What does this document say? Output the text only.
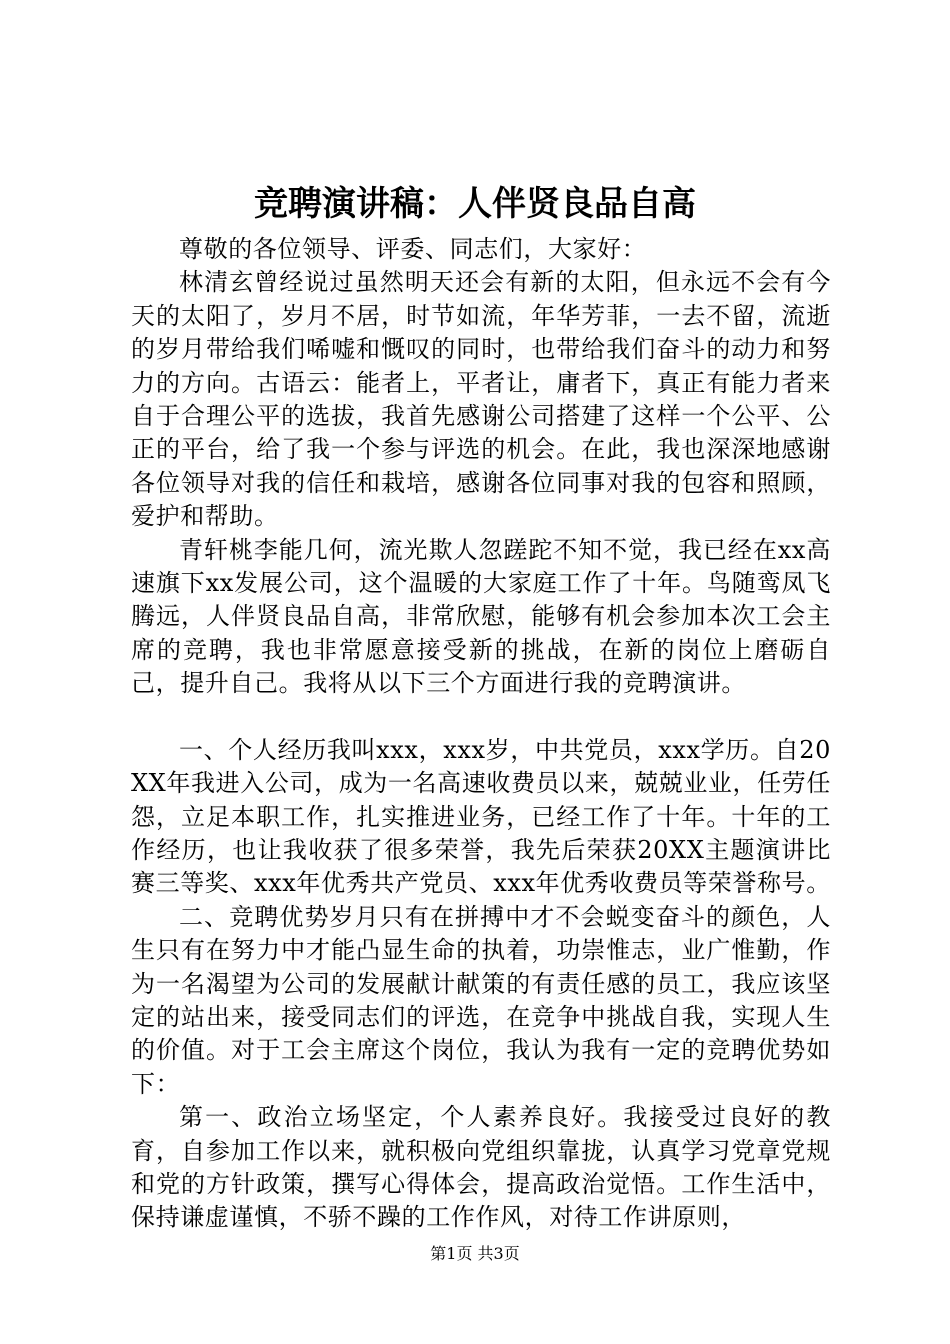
竞聘演讲稿：人伴贤良品自高

尊敬的各位领导、评委、同志们，大家好：

林清玄曾经说过虽然明天还会有新的太阳，但永远不会有今天的太阳了，岁月不居，时节如流，年华芳菲，一去不留，流逝的岁月带给我们唏嘘和慨叹的同时，也带给我们奋斗的动力和努力的方向。古语云：能者上，平者让，庸者下，真正有能力者来自于合理公平的选拔，我首先感谢公司搭建了这样一个公平、公正的平台，给了我一个参与评选的机会。在此，我也深深地感谢各位领导对我的信任和栽培，感谢各位同事对我的包容和照顾，爱护和帮助。

青轩桃李能几何，流光欺人忽蹉跎不知不觉，我已经在xx高速旗下xx发展公司，这个温暖的大家庭工作了十年。鸟随鸾凤飞腾远，人伴贤良品自高，非常欣慰，能够有机会参加本次工会主席的竞聘，我也非常愿意接受新的挑战，在新的岗位上磨砺自己，提升自己。我将从以下三个方面进行我的竞聘演讲。

一、个人经历我叫xxx，xxx岁，中共党员，xxx学历。自20XX年我进入公司，成为一名高速收费员以来，兢兢业业，任劳任怨，立足本职工作，扎实推进业务，已经工作了十年。十年的工作经历，也让我收获了很多荣誉，我先后荣获20XX主题演讲比赛三等奖、xxx年优秀共产党员、xxx年优秀收费员等荣誉称号。

二、竞聘优势岁月只有在拼搏中才不会蜕变奋斗的颜色，人生只有在努力中才能凸显生命的执着，功崇惟志，业广惟勤，作为一名渴望为公司的发展献计献策的有责任感的员工，我应该坚定的站出来，接受同志们的评选，在竞争中挑战自我，实现人生的价值。对于工会主席这个岗位，我认为我有一定的竞聘优势如下：

第一、政治立场坚定，个人素养良好。我接受过良好的教育，自参加工作以来，就积极向党组织靠拢，认真学习党章党规和党的方针政策，撰写心得体会，提高政治觉悟。工作生活中，保持谦虚谨慎，不骄不躁的工作作风，对待工作讲原则，

第1页 共3页
